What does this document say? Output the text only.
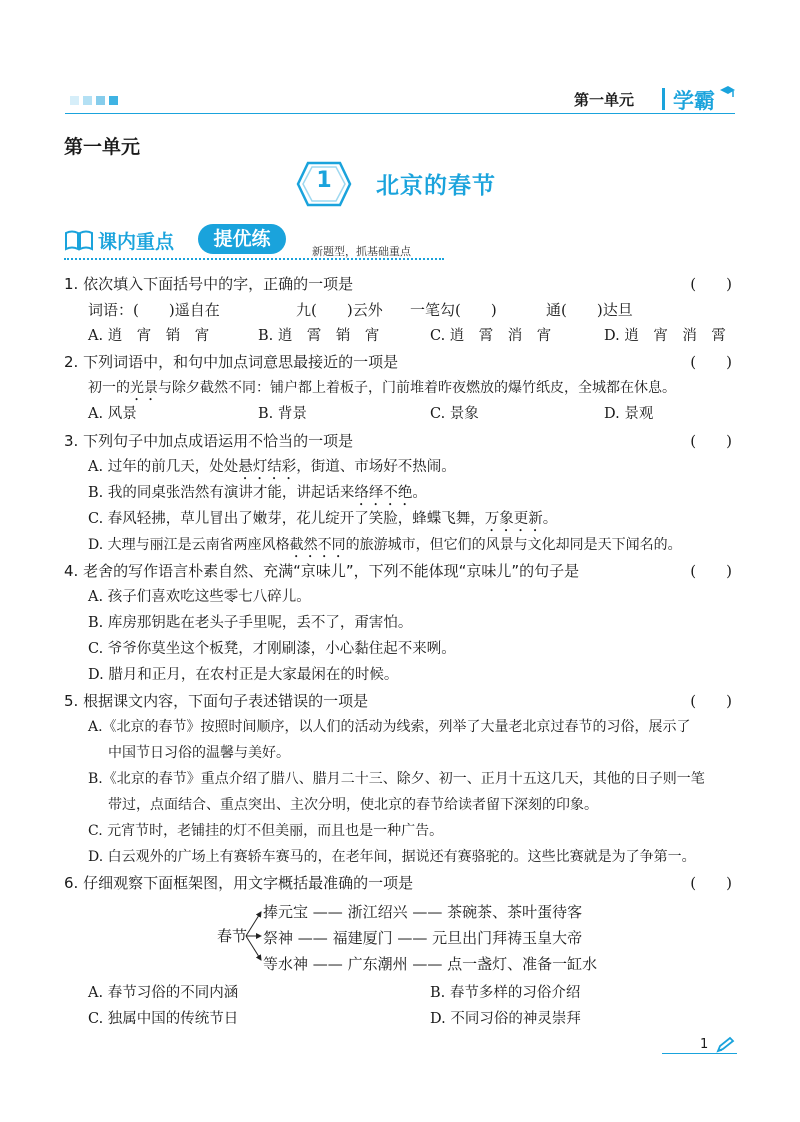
第一单元 学霸
第一单元
1	北京的春节
课内重点	提优练
新题型，抓基础重点
1. 依次填入下面括号中的字，正确的一项是	(　　)
词语：(　　)遥自在	九(　　)云外 一笔勾(　　)	通(　　)达旦
A. 逍　宵　销　宵	B. 逍　霄　销　宵	C. 逍　霄　消　宵	D. 逍　宵　消　霄
2. 下列词语中，和句中加点词意思最接近的一项是	(　　)
初一的光景与除夕截然不同：铺户都上着板子，门前堆着昨夜燃放的爆竹纸皮，全城都在休息。
A. 风景	B. 背景	C. 景象	D. 景观
3. 下列句子中加点成语运用不恰当的一项是	(　　)
A. 过年的前几天，处处悬灯结彩，街道、市场好不热闹。
B. 我的同桌张浩然有演讲才能，讲起话来络绎不绝。
C. 春风轻拂，草儿冒出了嫩芽，花儿绽开了笑脸，蜂蝶飞舞，万象更新。
D. 大理与丽江是云南省两座风格截然不同的旅游城市，但它们的风景与文化却同是天下闻名的。
4. 老舍的写作语言朴素自然、充满“京味儿”，下列不能体现“京味儿”的句子是	(　　)
A. 孩子们喜欢吃这些零七八碎儿。
B. 库房那钥匙在老头子手里呢，丢不了，甭害怕。
C. 爷爷你莫坐这个板凳，才刚刷漆，小心黏住起不来咧。
D. 腊月和正月，在农村正是大家最闲在的时候。
5. 根据课文内容，下面句子表述错误的一项是	(　　)
A.《北京的春节》按照时间顺序，以人们的活动为线索，列举了大量老北京过春节的习俗，展示了
中国节日习俗的温馨与美好。
B.《北京的春节》重点介绍了腊八、腊月二十三、除夕、初一、正月十五这几天，其他的日子则一笔
带过，点面结合、重点突出、主次分明，使北京的春节给读者留下深刻的印象。
C. 元宵节时，老铺挂的灯不但美丽，而且也是一种广告。
D. 白云观外的广场上有赛轿车赛马的，在老年间，据说还有赛骆驼的。这些比赛就是为了争第一。
6. 仔细观察下面框架图，用文字概括最准确的一项是	(　　)
春节
捧元宝 —— 浙江绍兴 —— 茶碗茶、茶叶蛋待客
祭神 —— 福建厦门 —— 元旦出门拜祷玉皇大帝
等水神 —— 广东潮州 —— 点一盏灯、准备一缸水
A. 春节习俗的不同内涵	B. 春节多样的习俗介绍
C. 独属中国的传统节日	D. 不同习俗的神灵崇拜
1
